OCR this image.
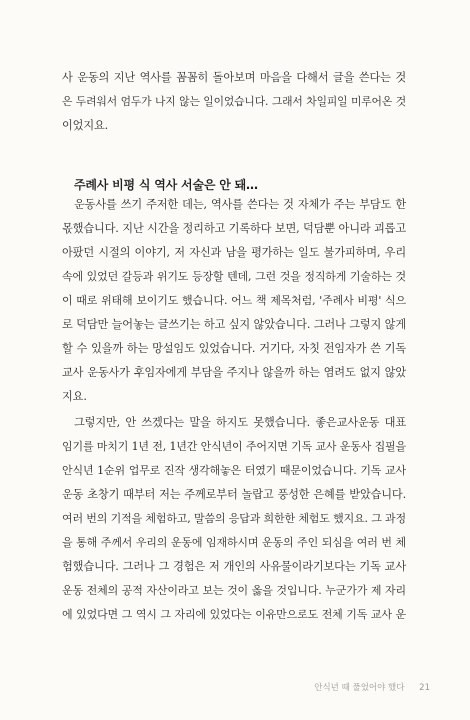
사 운동의 지난 역사를 꼼꼼히 돌아보며 마음을 다해서 글을 쓴다는 것
은 두려워서 엄두가 나지 않는 일이었습니다. 그래서 차일피일 미루어온 것
이었지요.
주례사 비평 식 역사 서술은 안 돼…
운동사를 쓰기 주저한 데는, 역사를 쓴다는 것 자체가 주는 부담도 한
몫했습니다. 지난 시간을 정리하고 기록하다 보면, 덕담뿐 아니라 괴롭고
아팠던 시절의 이야기, 저 자신과 남을 평가하는 일도 불가피하며, 우리
속에 있었던 갈등과 위기도 등장할 텐데, 그런 것을 정직하게 기술하는 것
이 때로 위태해 보이기도 했습니다. 어느 책 제목처럼, '주례사 비평' 식으
로 덕담만 늘어놓는 글쓰기는 하고 싶지 않았습니다. 그러나 그렇지 않게
할 수 있을까 하는 망설임도 있었습니다. 거기다, 자칫 전임자가 쓴 기독
교사 운동사가 후임자에게 부담을 주지나 않을까 하는 염려도 없지 않았
지요.
그렇지만, 안 쓰겠다는 말을 하지도 못했습니다. 좋은교사운동 대표
임기를 마치기 1년 전, 1년간 안식년이 주어지면 기독 교사 운동사 집필을
안식년 1순위 업무로 진작 생각해놓은 터였기 때문이었습니다. 기독 교사
운동 초창기 때부터 저는 주께로부터 놀랍고 풍성한 은혜를 받았습니다.
여러 번의 기적을 체험하고, 말씀의 응답과 희한한 체험도 했지요. 그 과정
을 통해 주께서 우리의 운동에 임재하시며 운동의 주인 되심을 여러 번 체
험했습니다. 그러나 그 경험은 저 개인의 사유물이라기보다는 기독 교사
운동 전체의 공적 자산이라고 보는 것이 옳을 것입니다. 누군가가 제 자리
에 있었다면 그 역시 그 자리에 있었다는 이유만으로도 전체 기독 교사 운
안식년 때 풀었어야 했다 21
